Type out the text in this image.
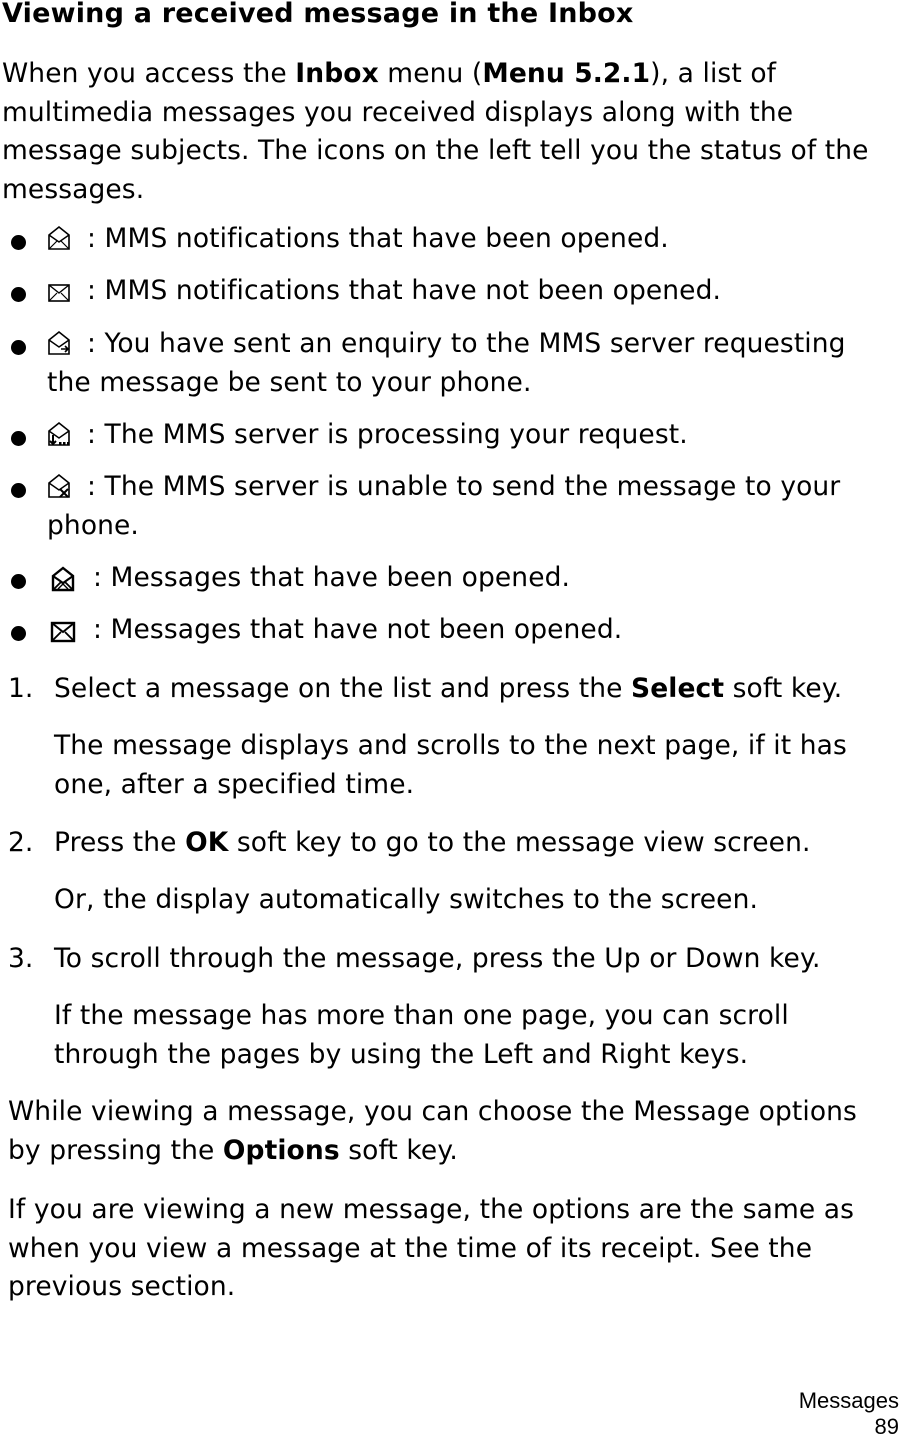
Viewing a received message in the Inbox

When you access the Inbox menu (Menu 5.2.1), a list of multimedia messages you received displays along with the message subjects. The icons on the left tell you the status of the messages.

: MMS notifications that have been opened.

: MMS notifications that have not been opened.

: You have sent an enquiry to the MMS server requesting the message be sent to your phone.

: The MMS server is processing your request.

: The MMS server is unable to send the message to your phone.

: Messages that have been opened.

: Messages that have not been opened.

1. Select a message on the list and press the Select soft key.

The message displays and scrolls to the next page, if it has one, after a specified time.

2. Press the OK soft key to go to the message view screen.

Or, the display automatically switches to the screen.

3. To scroll through the message, press the Up or Down key.

If the message has more than one page, you can scroll through the pages by using the Left and Right keys.

While viewing a message, you can choose the Message options by pressing the Options soft key.

If you are viewing a new message, the options are the same as when you view a message at the time of its receipt. See the previous section.

Messages

89
